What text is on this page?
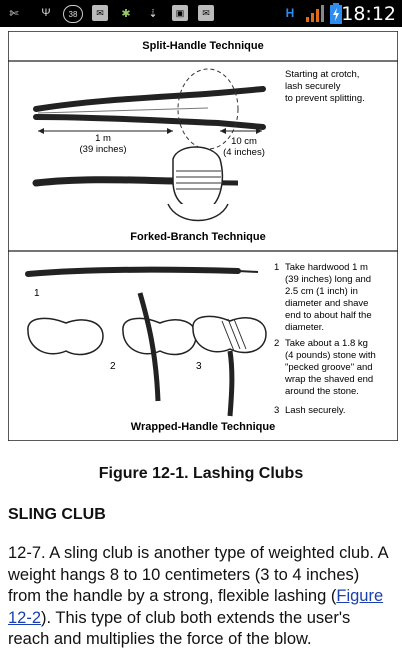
✄	Ψ	38	✉	✱	⇣	▣	✉	H 18:12
Split-Handle Technique
Starting at crotch,
lash securely
to prevent splitting.
1 m
(39 inches)
10 cm
(4 inches)
Forked-Branch Technique
1
2	3
1 Take hardwood 1 m
(39 inches) long and
2.5 cm (1 inch) in
diameter and shave
end to about half the
diameter.
2 Take about a 1.8 kg
(4 pounds) stone with
"pecked groove" and
wrap the shaved end
around the stone.
3 Lash securely.
Wrapped-Handle Technique
Figure 12-1. Lashing Clubs
SLING CLUB
12-7. A sling club is another type of weighted club. A weight hangs 8 to 10 centimeters (3 to 4 inches) from the handle by a strong, flexible lashing (Figure 12-2). This type of club both extends the user's reach and multiplies the force of the blow.
